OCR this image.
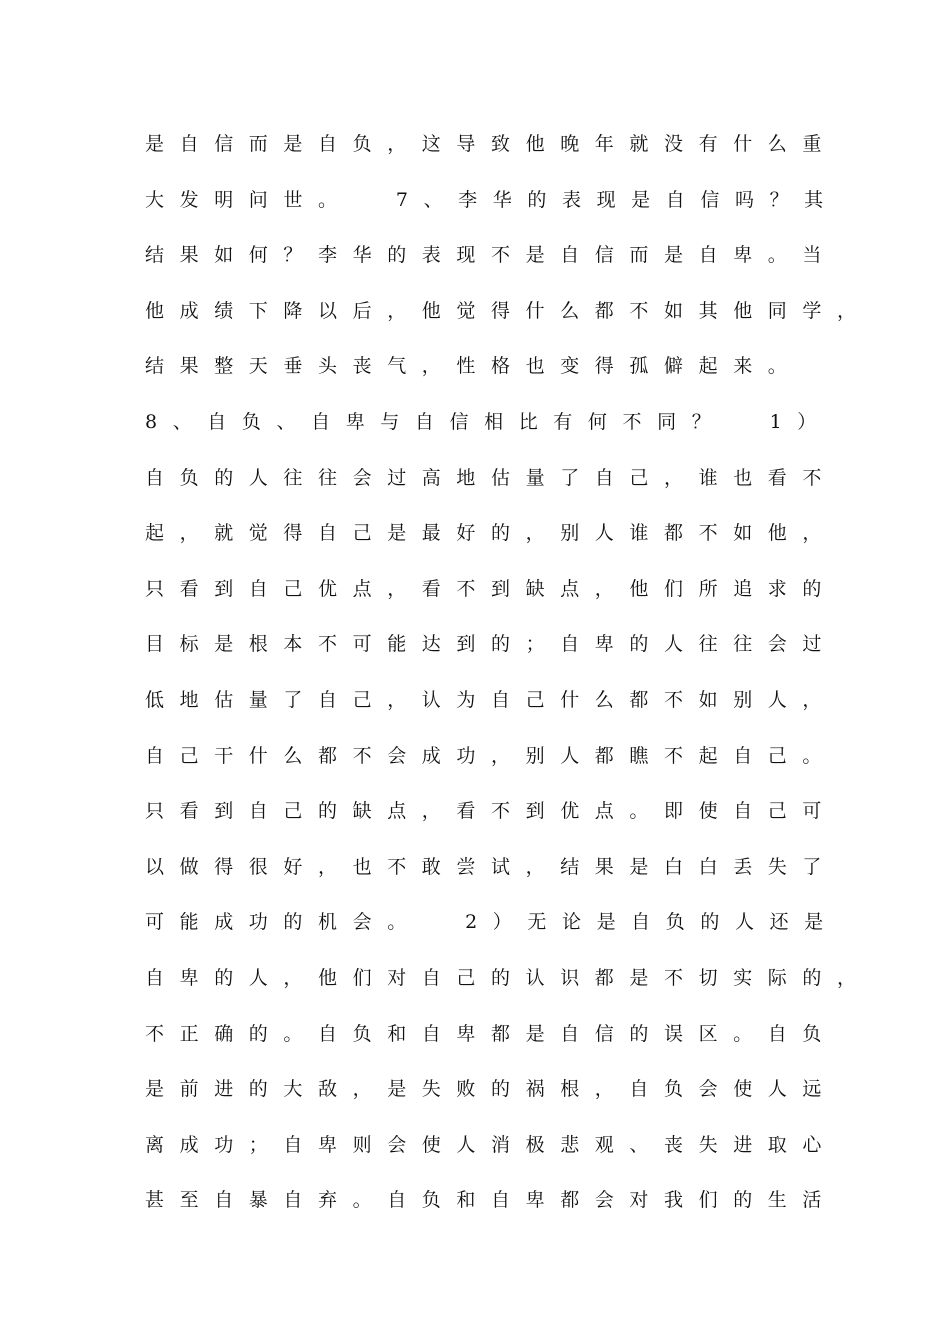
是自信而是自负，这导致他晚年就没有什么重
大发明问世。  7、李华的表现是自信吗？其
结果如何？李华的表现不是自信而是自卑。当
他成绩下降以后，他觉得什么都不如其他同学，
结果整天垂头丧气，性格也变得孤僻起来。
8、自负、自卑与自信相比有何不同？  1）
自负的人往往会过高地估量了自己，谁也看不
起，就觉得自己是最好的，别人谁都不如他，
只看到自己优点，看不到缺点，他们所追求的
目标是根本不可能达到的；自卑的人往往会过
低地估量了自己，认为自己什么都不如别人，
自己干什么都不会成功，别人都瞧不起自己。
只看到自己的缺点，看不到优点。即使自己可
以做得很好，也不敢尝试，结果是白白丢失了
可能成功的机会。  2）无论是自负的人还是
自卑的人，他们对自己的认识都是不切实际的，
不正确的。自负和自卑都是自信的误区。自负
是前进的大敌，是失败的祸根，自负会使人远
离成功；自卑则会使人消极悲观、丧失进取心
甚至自暴自弃。自负和自卑都会对我们的生活
